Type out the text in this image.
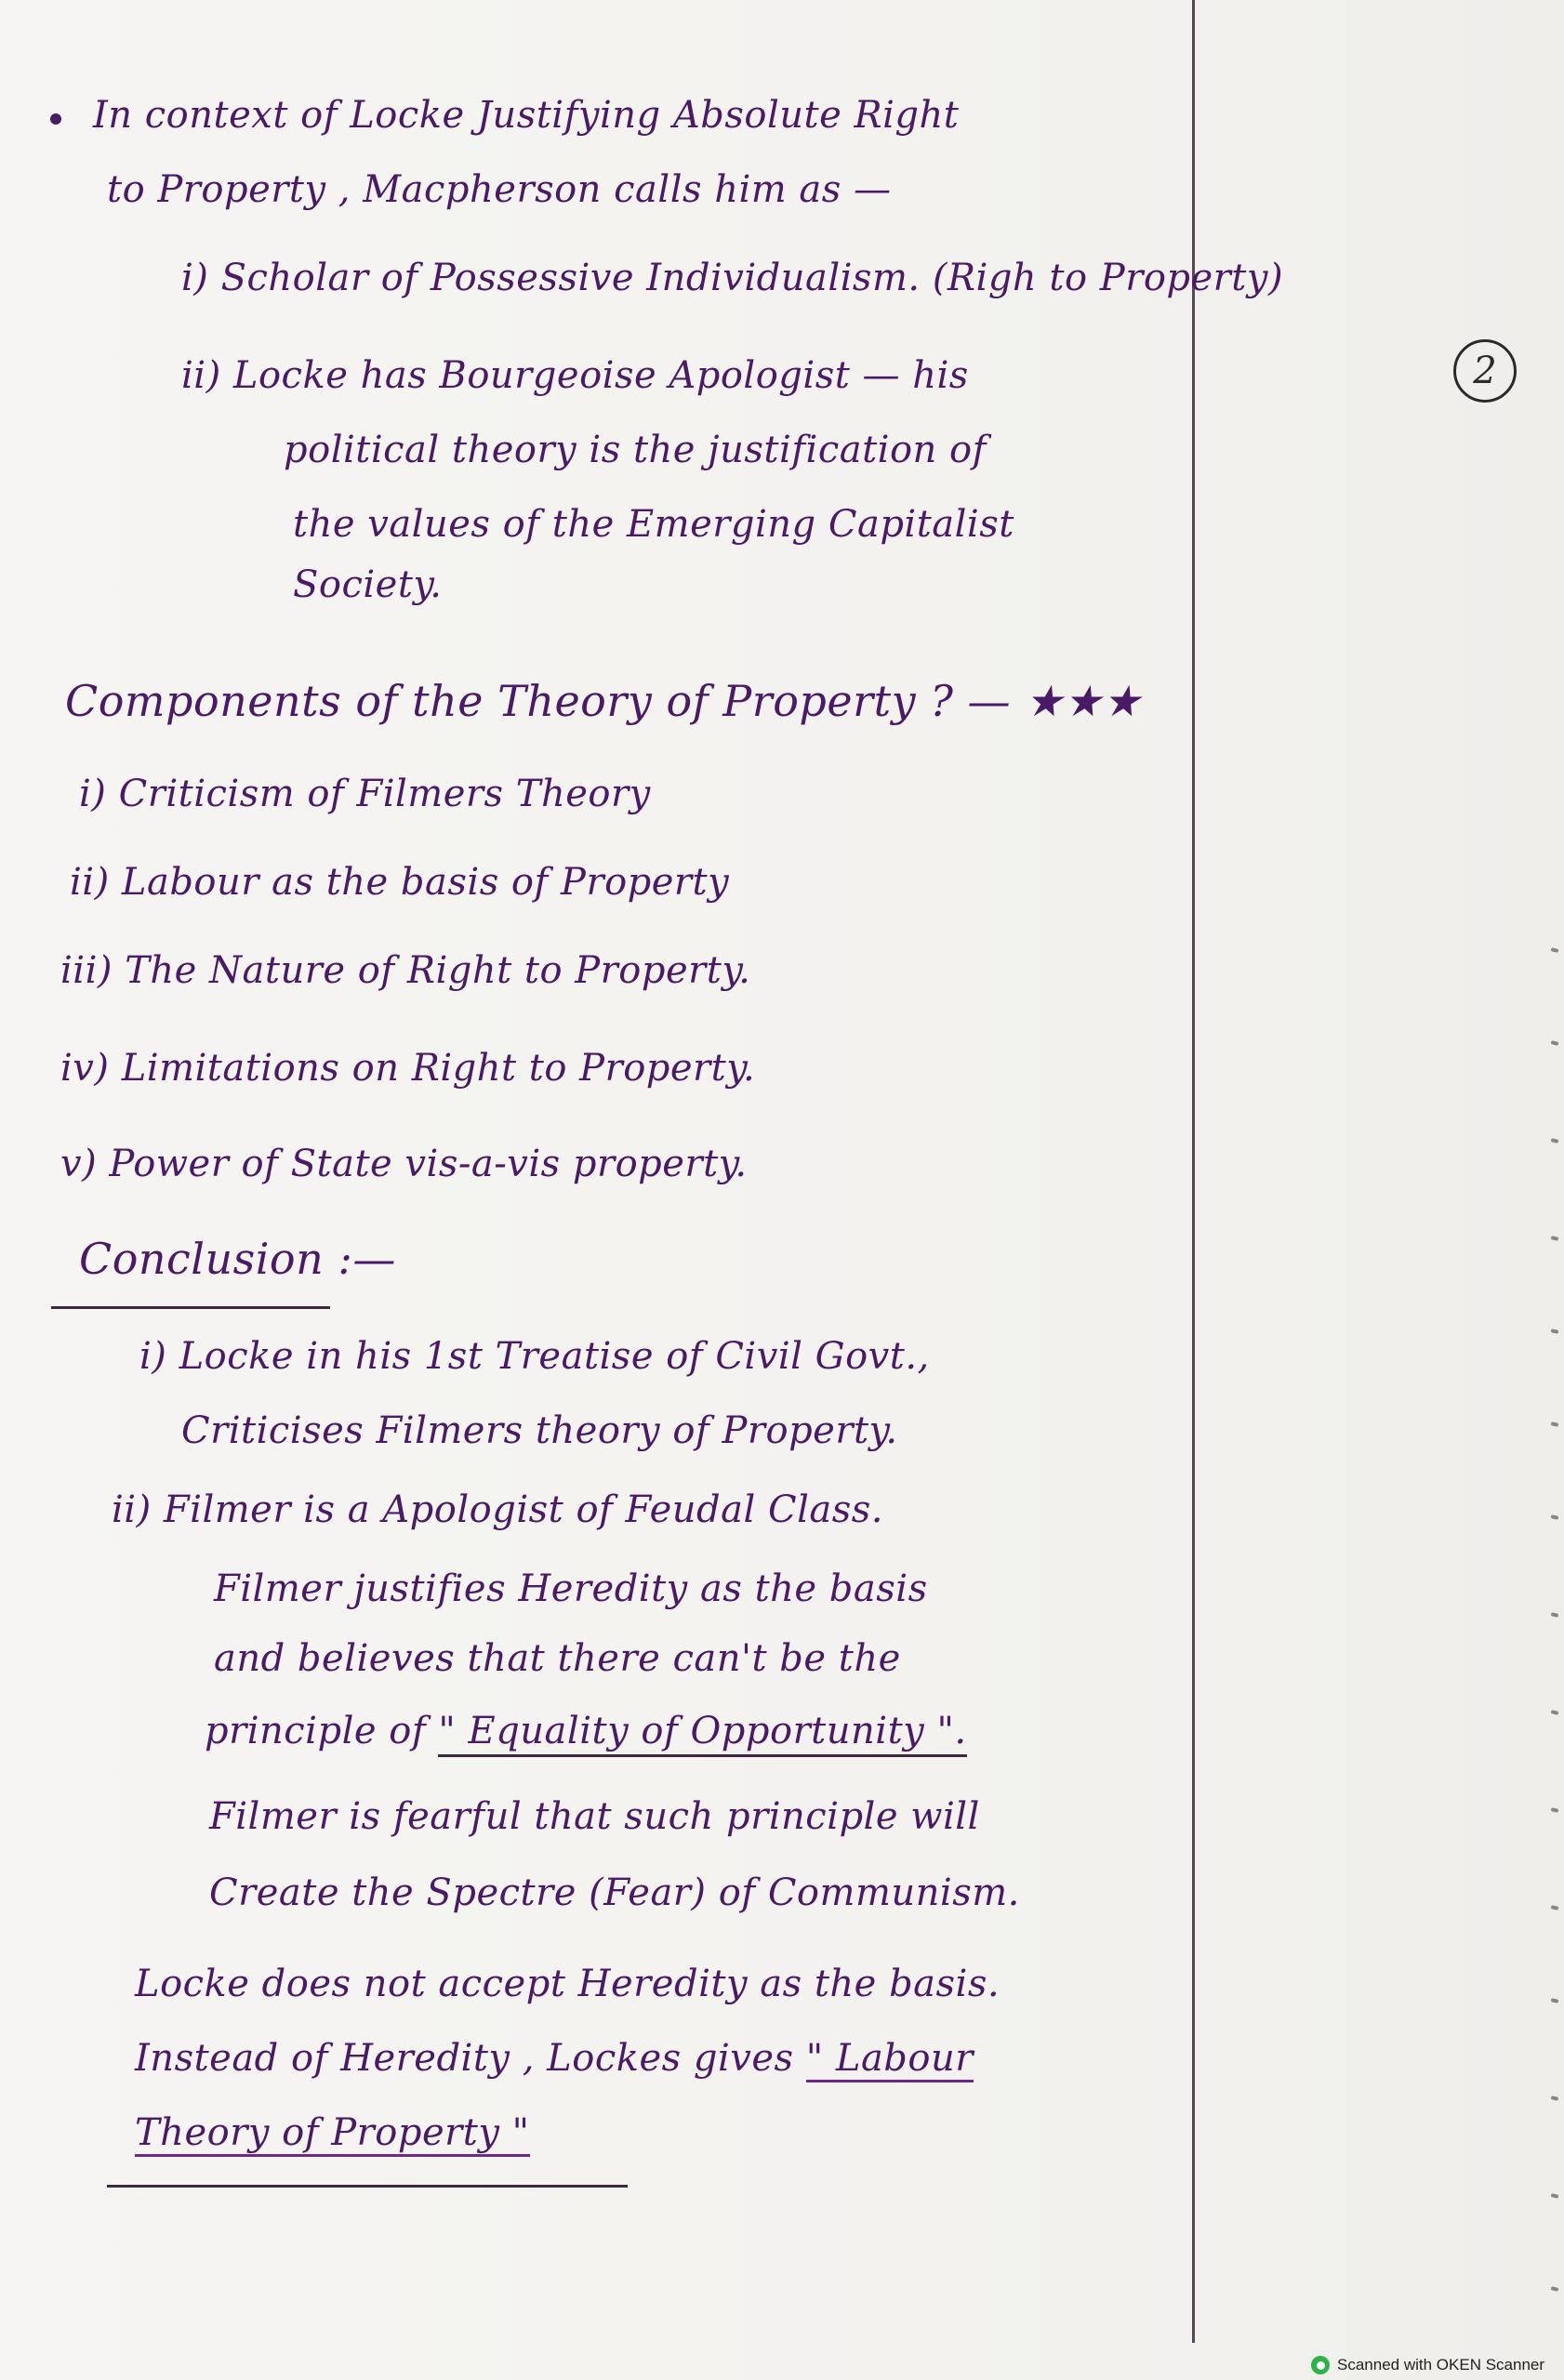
In context of Locke Justifying Absolute Right
to Property , Macpherson calls him as —
i) Scholar of Possessive Individualism. (Righ to Property)
ii) Locke has Bourgeoise Apologist — his
political theory is the justification of
the values of the Emerging Capitalist
Society.
2
Components of the Theory of Property ? — ★★★
i) Criticism of Filmers Theory
ii) Labour as the basis of Property
iii) The Nature of Right to Property.
iv) Limitations on Right to Property.
v) Power of State vis-a-vis property.
Conclusion :—
i) Locke in his 1st Treatise of Civil Govt.,
Criticises Filmers theory of Property.
ii) Filmer is a Apologist of Feudal Class.
Filmer justifies Heredity as the basis
and believes that there can't be the
principle of " Equality of Opportunity ".
Filmer is fearful that such principle will
Create the Spectre (Fear) of Communism.
Locke does not accept Heredity as the basis.
Instead of Heredity , Lockes gives " Labour
Theory of Property "
Scanned with OKEN Scanner
